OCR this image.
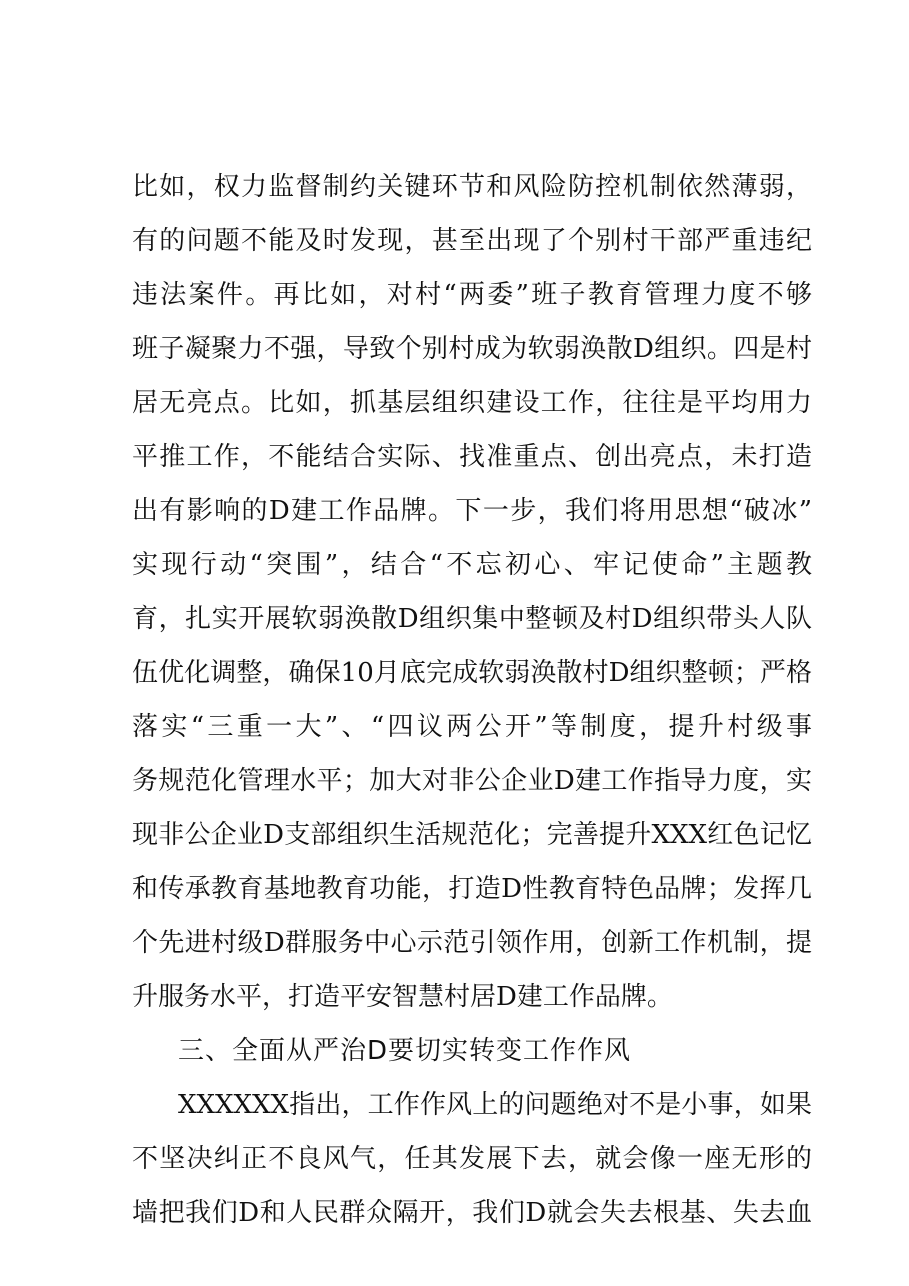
比如，权力监督制约关键环节和风险防控机制依然薄弱，
有的问题不能及时发现，甚至出现了个别村干部严重违纪
违法案件。再比如，对村“两委”班子教育管理力度不够
班子凝聚力不强，导致个别村成为软弱涣散D组织。四是村
居无亮点。比如，抓基层组织建设工作，往往是平均用力
平推工作，不能结合实际、找准重点、创出亮点，未打造
出有影响的D建工作品牌。下一步，我们将用思想“破冰”
实现行动“突围”，结合“不忘初心、牢记使命”主题教
育，扎实开展软弱涣散D组织集中整顿及村D组织带头人队
伍优化调整，确保10月底完成软弱涣散村D组织整顿；严格
落实“三重一大”、“四议两公开”等制度，提升村级事
务规范化管理水平；加大对非公企业D建工作指导力度，实
现非公企业D支部组织生活规范化；完善提升XXX红色记忆
和传承教育基地教育功能，打造D性教育特色品牌；发挥几
个先进村级D群服务中心示范引领作用，创新工作机制，提
升服务水平，打造平安智慧村居D建工作品牌。
三、全面从严治D要切实转变工作作风
XXXXXX指出，工作作风上的问题绝对不是小事，如果
不坚决纠正不良风气，任其发展下去，就会像一座无形的
墙把我们D和人民群众隔开，我们D就会失去根基、失去血
